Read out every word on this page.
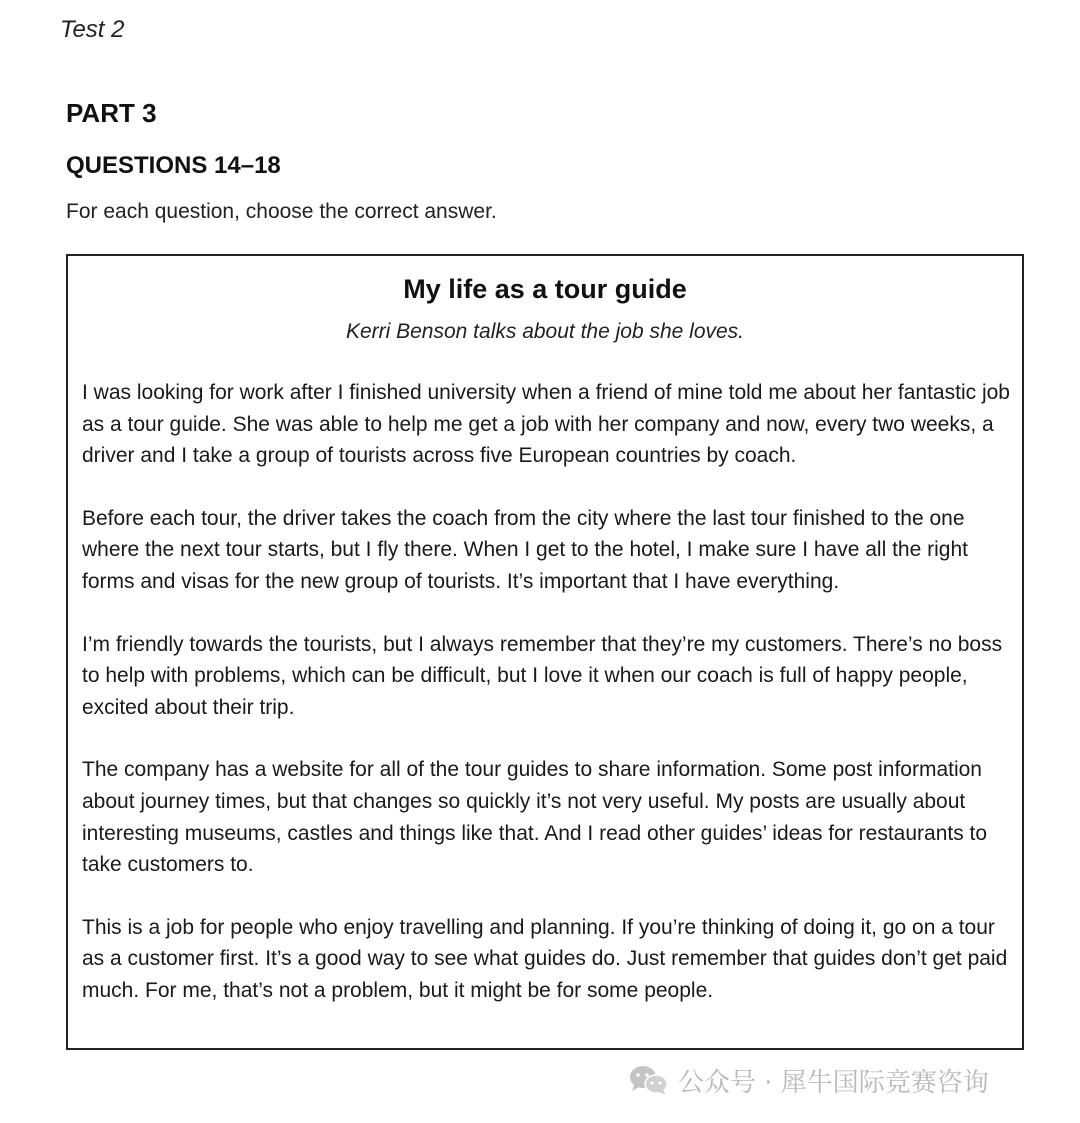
Test 2
PART 3
QUESTIONS 14–18
For each question, choose the correct answer.
My life as a tour guide
Kerri Benson talks about the job she loves.

I was looking for work after I finished university when a friend of mine told me about her fantastic job as a tour guide. She was able to help me get a job with her company and now, every two weeks, a driver and I take a group of tourists across five European countries by coach.

Before each tour, the driver takes the coach from the city where the last tour finished to the one where the next tour starts, but I fly there. When I get to the hotel, I make sure I have all the right forms and visas for the new group of tourists. It’s important that I have everything.

I’m friendly towards the tourists, but I always remember that they’re my customers. There’s no boss to help with problems, which can be difficult, but I love it when our coach is full of happy people, excited about their trip.

The company has a website for all of the tour guides to share information. Some post information about journey times, but that changes so quickly it’s not very useful. My posts are usually about interesting museums, castles and things like that. And I read other guides’ ideas for restaurants to take customers to.

This is a job for people who enjoy travelling and planning. If you’re thinking of doing it, go on a tour as a customer first. It’s a good way to see what guides do. Just remember that guides don’t get paid much. For me, that’s not a problem, but it might be for some people.

公众号 · 犀牛国际竞赛咨询
